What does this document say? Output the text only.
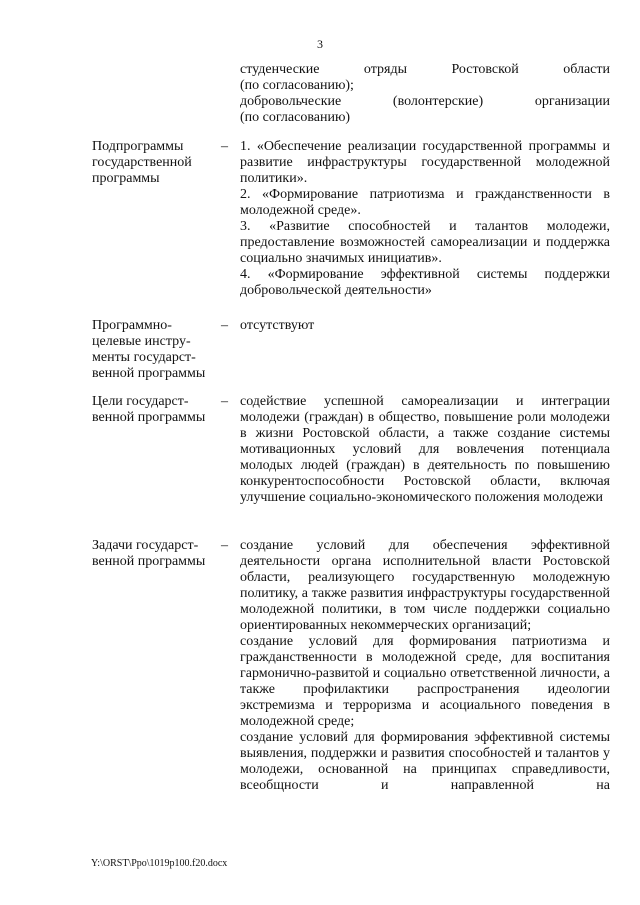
3

студенческие отряды Ростовской области

(по согласованию);

добровольческие (волонтерские) организации

(по согласованию)

Подпрограммы государственной программы
– 1. «Обеспечение реализации государственной программы и развитие инфраструктуры государственной молодежной политики».

2. «Формирование патриотизма и гражданственности в молодежной среде».

3. «Развитие способностей и талантов молодежи, предоставление возможностей самореализации и поддержка социально значимых инициатив».

4. «Формирование эффективной системы поддержки добровольческой деятельности»

Программно-целевые инстру-менты государст-венной программы
– отсутствуют

Цели государст-венной программы
– содействие успешной самореализации и интеграции молодежи (граждан) в общество, повышение роли молодежи в жизни Ростовской области, а также создание системы мотивационных условий для вовлечения потенциала молодых людей (граждан) в деятельность по повышению конкурентоспособности Ростовской области, включая улучшение социально-экономического положения молодежи

Задачи государст-венной программы
– создание условий для обеспечения эффективной деятельности органа исполнительной власти Ростовской области, реализующего государственную молодежную политику, а также развития инфраструктуры государственной молодежной политики, в том числе поддержки социально ориентированных некоммерческих организаций;

создание условий для формирования патриотизма и гражданственности в молодежной среде, для воспитания гармонично-развитой и социально ответственной личности, а также профилактики распространения идеологии экстремизма и терроризма и асоциального поведения в молодежной среде;

создание условий для формирования эффективной системы выявления, поддержки и развития способностей и талантов у молодежи, основанной на принципах справедливости, всеобщности и направленной на

Y:\ORST\Ppo\1019p100.f20.docx
